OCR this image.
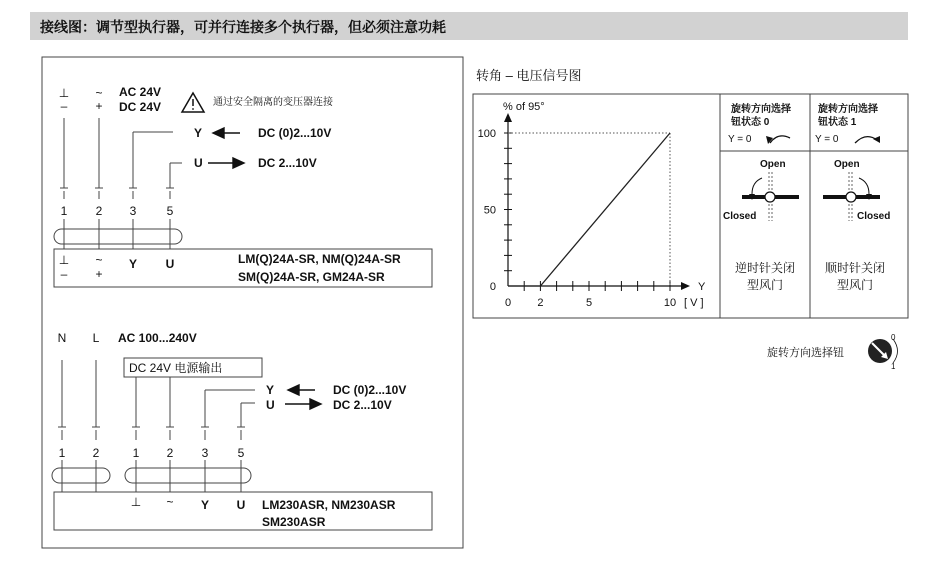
接线图：调节型执行器，可并行连接多个执行器，但必须注意功耗
⊥
–
~
+
AC 24V
DC 24V	通过安全隔离的变压器连接
Y	DC (0)2...10V
U	DC 2...10V
1 2 3	5
⊥
–
~
+
Y U	LM(Q)24A-SR, NM(Q)24A-SR
SM(Q)24A-SR, GM24A-SR
N L AC 100...240V
DC 24V 电源输出
Y	DC (0)2...10V
U	DC 2...10V
1 2	1 2 3 5
⊥ ~ Y U LM230ASR, NM230ASR
SM230ASR
转角 – 电压信号图
100
50
0
0 2	5	10
% of 95°
Y
[ V ]
旋转方向选择
钮状态 0
Y = 0
旋转方向选择
钮状态 1
Y = 0
Open
Closed
Open
Closed
逆时针关闭
型风门
顺时针关闭
型风门
旋转方向选择钮
0
1
